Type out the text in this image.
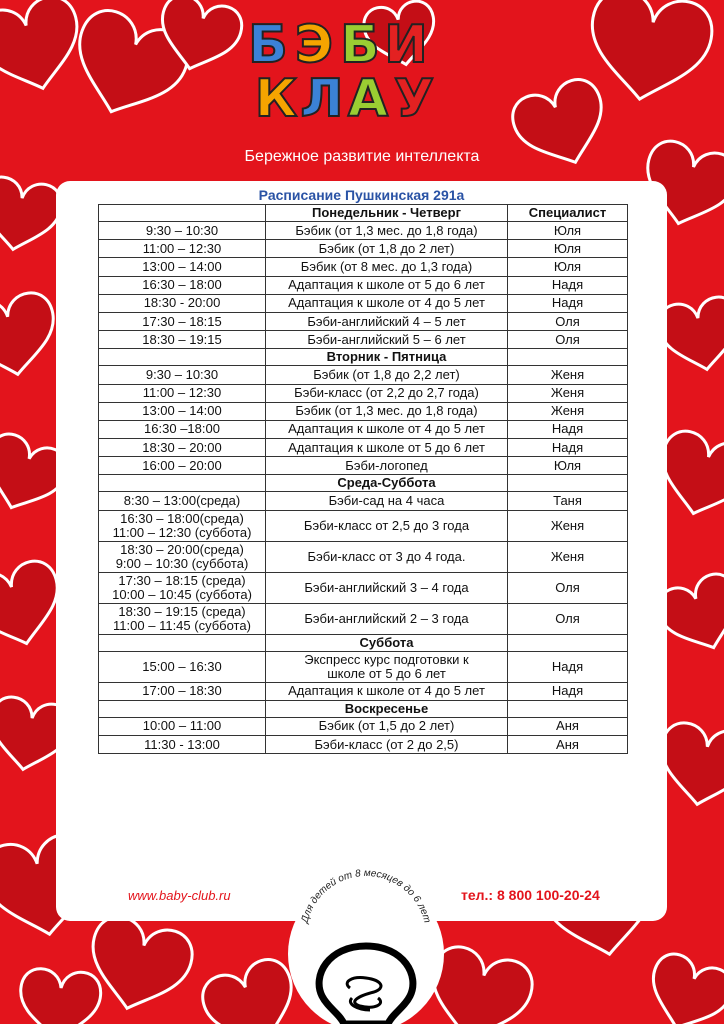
Б Э Б И
К Л А У
Бережное развитие интеллекта
Расписание Пушкинская 291а
	Понедельник - Четверг	Специалист

9:30 – 10:30	Бэбик (от 1,3 мес. до 1,8 года)	Юля

11:00 – 12:30	Бэбик (от 1,8 до 2 лет)	Юля

13:00 – 14:00	Бэбик (от 8 мес. до 1,3 года)	Юля

16:30 – 18:00	Адаптация к школе от 5 до 6 лет	Надя

18:30 - 20:00	Адаптация к школе от 4 до 5 лет	Надя

17:30 – 18:15	Бэби-английский 4 – 5 лет	Оля

18:30 – 19:15	Бэби-английский 5 – 6 лет	Оля
	Вторник - Пятница	

9:30 – 10:30	Бэбик (от 1,8 до 2,2 лет)	Женя

11:00 – 12:30	Бэби-класс (от 2,2 до 2,7 года)	Женя

13:00 – 14:00	Бэбик (от 1,3 мес. до 1,8 года)	Женя

16:30 –18:00	Адаптация к школе от 4 до 5 лет	Надя

18:30 – 20:00	Адаптация к школе от 5 до 6 лет	Надя

16:00 – 20:00	Бэби-логопед	Юля
	Среда-Суббота	

8:30 – 13:00(среда)	Бэби-сад на 4 часа	Таня

16:30 – 18:00(среда)
11:00 – 12:30 (суббота)	Бэби-класс от 2,5 до 3 года	Женя

18:30 – 20:00(среда)
9:00 – 10:30 (суббота)	Бэби-класс от 3 до 4 года.	Женя

17:30 – 18:15 (среда)
10:00 – 10:45 (суббота)	Бэби-английский 3 – 4 года	Оля

18:30 – 19:15 (среда)
11:00 – 11:45 (суббота)	Бэби-английский 2 – 3 года	Оля
	Суббота	

15:00 – 16:30	Экспресс курс подготовки к
школе от 5 до 6 лет	Надя

17:00 – 18:30	Адаптация к школе от 4 до 5 лет	Надя
	Воскресенье	

10:00 – 11:00	Бэбик (от 1,5 до 2 лет)	Аня

11:30 - 13:00	Бэби-класс (от 2 до 2,5)	Аня
www.baby-club.ru	тел.: 8 800 100-20-24
Для детей от 8 месяцев до 6 лет
